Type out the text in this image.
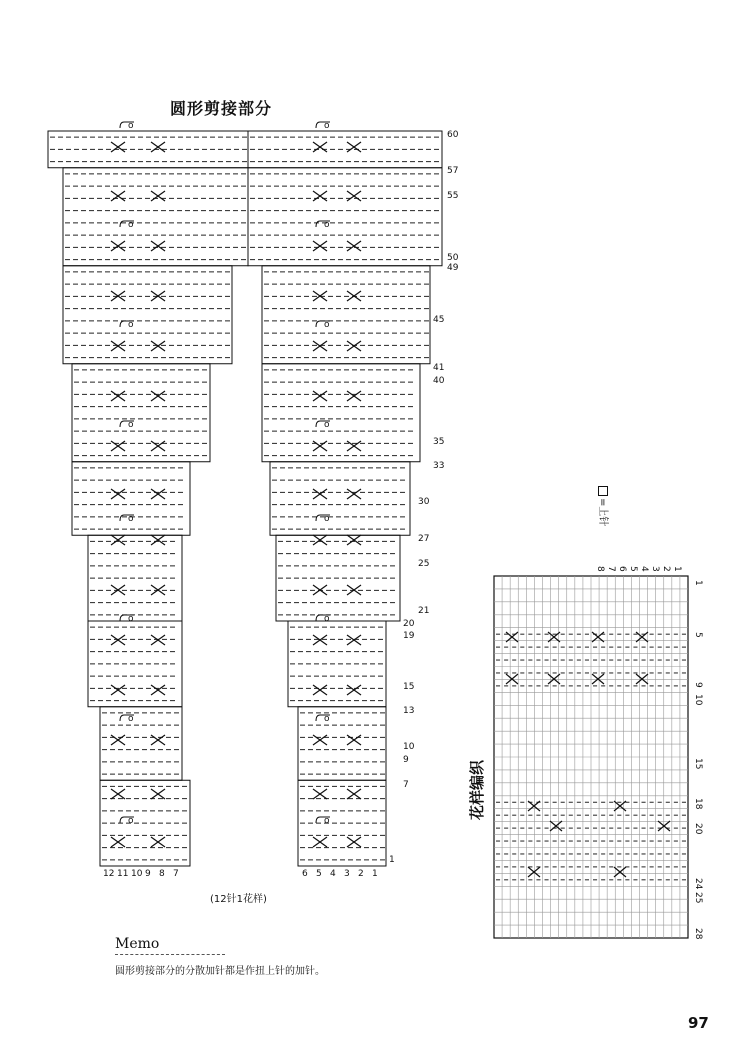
圆形剪接部分
o	o
o	o
o	o
o	o
o	o
o	o
o	o
o	o
60
57
55
50
49
45
41
40
35
33
30
27
25
21
20
19
15
13
10
9
7
1
12 11 10 9 8 7	6 5 4 3 2 1
8 7 6 5 4 3 2 1
1
5
9
10
15
18
20
24
25
28
(12针1花样)
=上针
花样编织
Memo
圆形剪接部分的分散加针都是作扭上针的加针。
97
